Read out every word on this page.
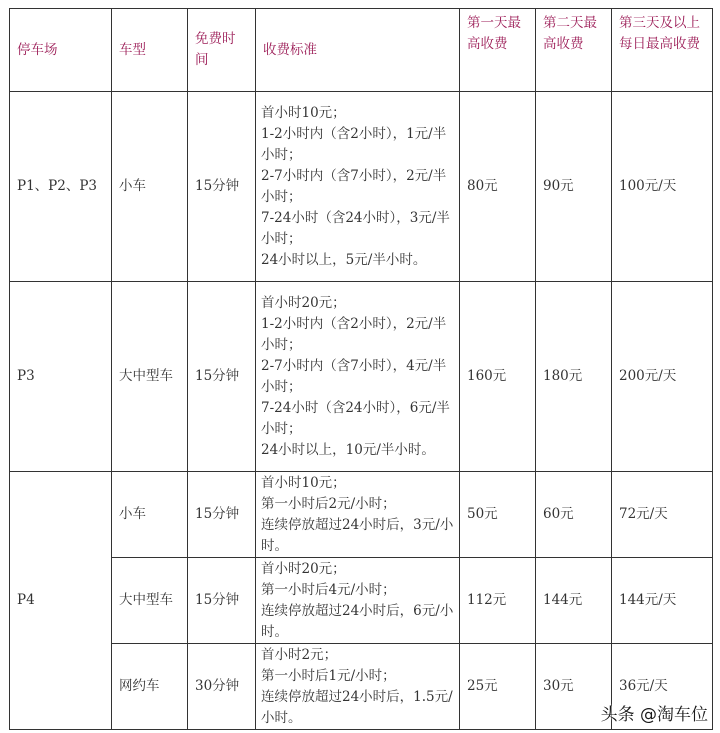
停车场	车型	免费时间	收费标准	第一天最高收费	第二天最高收费	第三天及以上每日最高收费
P1、P2、P3	小车	15分钟	首小时10元；
1-2小时内（含2小时），1元/半小时；
2-7小时内（含7小时），2元/半小时；
7-24小时（含24小时），3元/半小时；
24小时以上，5元/半小时。	80元	90元	100元/天
P3	大中型车	15分钟	首小时20元；
1-2小时内（含2小时），2元/半小时；
2-7小时内（含7小时），4元/半小时；
7-24小时（含24小时），6元/半小时；
24小时以上，10元/半小时。	160元	180元	200元/天
P4	小车	15分钟	首小时10元；
第一小时后2元/小时；
连续停放超过24小时后，3元/小时。	50元	60元	72元/天
	大中型车	15分钟	首小时20元；
第一小时后4元/小时；
连续停放超过24小时后，6元/小时。	112元	144元	144元/天
	网约车	30分钟	首小时2元；
第一小时后1元/小时；
连续停放超过24小时后，1.5元/小时。	25元	30元	36元/天
头条 @淘车位
